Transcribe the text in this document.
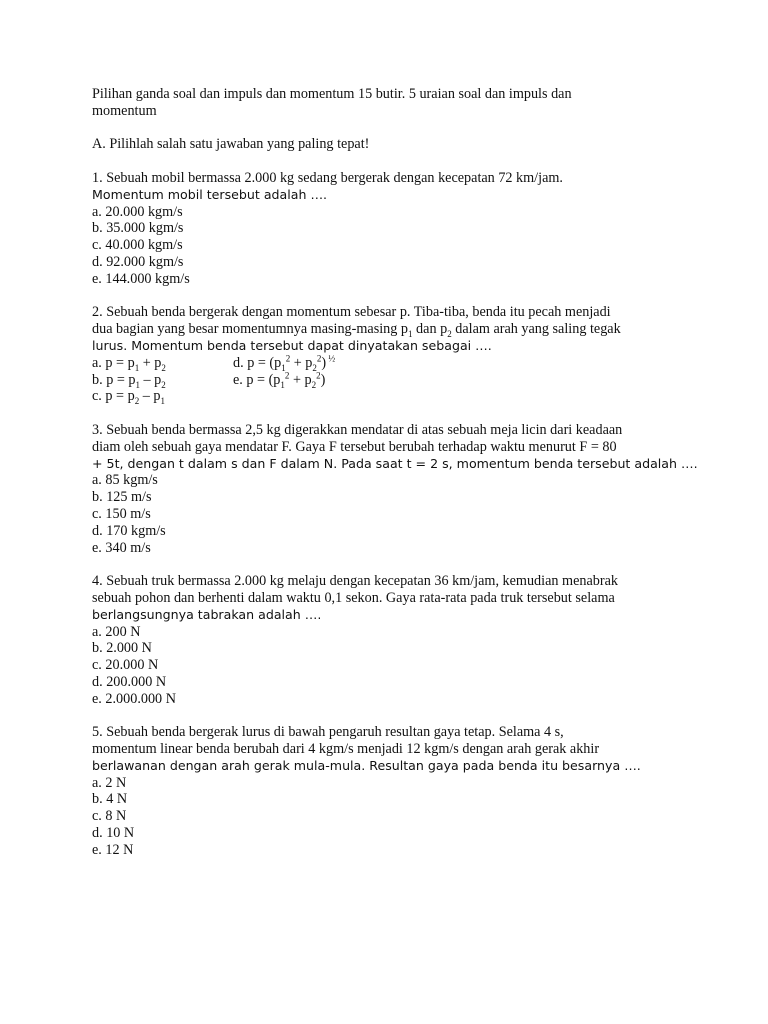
Pilihan ganda soal dan impuls dan momentum 15 butir. 5 uraian soal dan impuls dan
momentum
A. Pilihlah salah satu jawaban yang paling tepat!
1. Sebuah mobil bermassa 2.000 kg sedang bergerak dengan kecepatan 72 km/jam.
Momentum mobil tersebut adalah ….
a. 20.000 kgm/s
b. 35.000 kgm/s
c. 40.000 kgm/s
d. 92.000 kgm/s
e. 144.000 kgm/s
2. Sebuah benda bergerak dengan momentum sebesar p. Tiba-tiba, benda itu pecah menjadi
dua bagian yang besar momentumnya masing-masing $p_1$ dan $p_2$ dalam arah yang saling tegak
lurus. Momentum benda tersebut dapat dinyatakan sebagai ….
a. $p = p_1 + p_2$	d. $p = (p_1^2 + p_2^2)$ $^{\frac{1}{2}}$
b. $p = p_1 - p_2$	e. $p = (p_1^2 + p_2^2)$
c. $p = p_2 - p_1$
3. Sebuah benda bermassa 2,5 kg digerakkan mendatar di atas sebuah meja licin dari keadaan
diam oleh sebuah gaya mendatar F. Gaya F tersebut berubah terhadap waktu menurut F = 80
+ 5t, dengan t dalam s dan F dalam N. Pada saat t = 2 s, momentum benda tersebut adalah ….
a. 85 kgm/s
b. 125 m/s
c. 150 m/s
d. 170 kgm/s
e. 340 m/s
4. Sebuah truk bermassa 2.000 kg melaju dengan kecepatan 36 km/jam, kemudian menabrak
sebuah pohon dan berhenti dalam waktu 0,1 sekon. Gaya rata-rata pada truk tersebut selama
berlangsungnya tabrakan adalah ….
a. 200 N
b. 2.000 N
c. 20.000 N
d. 200.000 N
e. 2.000.000 N
5. Sebuah benda bergerak lurus di bawah pengaruh resultan gaya tetap. Selama 4 s,
momentum linear benda berubah dari 4 kgm/s menjadi 12 kgm/s dengan arah gerak akhir
berlawanan dengan arah gerak mula-mula. Resultan gaya pada benda itu besarnya ….
a. 2 N
b. 4 N
c. 8 N
d. 10 N
e. 12 N
